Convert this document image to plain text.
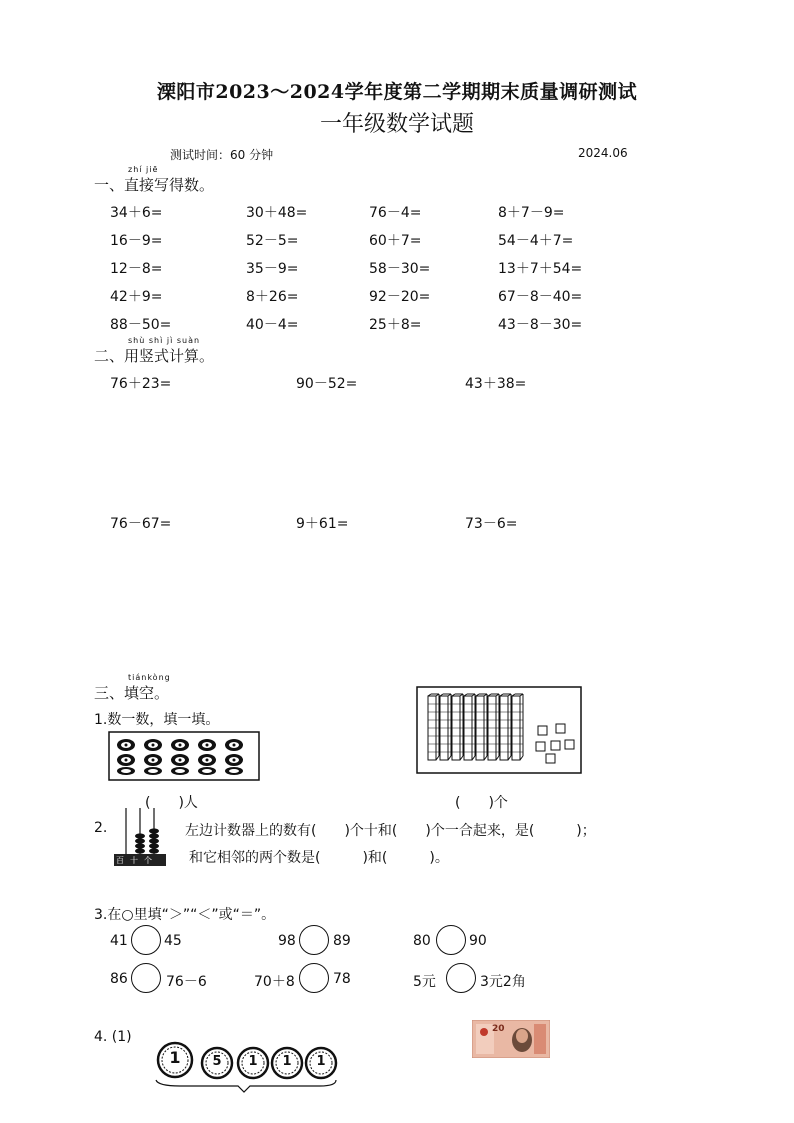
溧阳市2023～2024学年度第二学期期末质量调研测试
一年级数学试题
测试时间：60 分钟	2024.06
zhí jiē
一、直接写得数。
34＋6=	30＋48=	76－4=	8＋7－9=
16－9=	52－5=	60＋7=	54－4＋7=
12－8=	35－9=	58－30=	13＋7＋54=
42＋9=	8＋26=	92－20=	67－8－40=
88－50=	40－4=	25＋8=	43－8－30=
shù shì jì suàn
二、用竖式计算。
76＋23=	90－52=	43＋38=
76－67=	9＋61=	73－6=
tiánkòng
三、填空。
1.数一数，填一填。
(　　)人	(　　)个
2.
百十个
左边计数器上的数有(　　)个十和(　　)个一合起来，是(　　　)；
和它相邻的两个数是(　　　)和(　　　)。
3.在○里填“＞”“＜”或“＝”。
41	45	98	89	80	90
86	76－6	70＋8	78	5元	3元2角
4. (1)
1 5 1 1 1
20
